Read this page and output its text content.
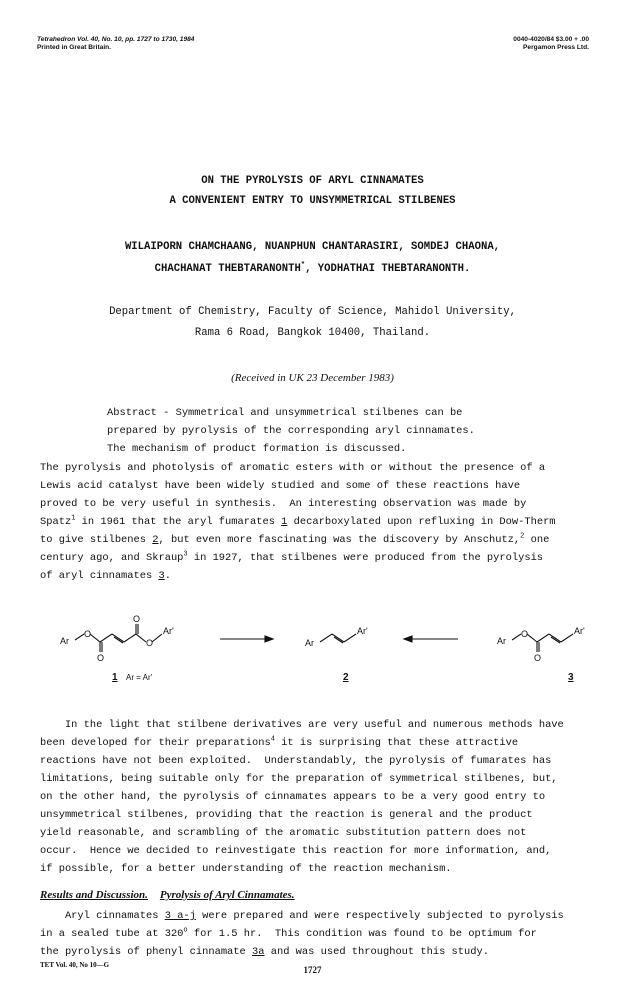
Tetrahedron Vol. 40, No. 10, pp. 1727 to 1730, 1984
Printed in Great Britain.
0040-4020/84 $3.00 + .00
Pergamon Press Ltd.
ON THE PYROLYSIS OF ARYL CINNAMATES
A CONVENIENT ENTRY TO UNSYMMETRICAL STILBENES
WILAIPORN CHAMCHAANG, NUANPHUN CHANTARASIRI, SOMDEJ CHAONA,
CHACHANAT THEBTARANONTH*, YODHATHAI THEBTARANONTH.
Department of Chemistry, Faculty of Science, Mahidol University,
Rama 6 Road, Bangkok 10400, Thailand.
(Received in UK 23 December 1983)
Abstract - Symmetrical and unsymmetrical stilbenes can be
prepared by pyrolysis of the corresponding aryl cinnamates.
The mechanism of product formation is discussed.
The pyrolysis and photolysis of aromatic esters with or without the presence of a
Lewis acid catalyst have been widely studied and some of these reactions have
proved to be very useful in synthesis.  An interesting observation was made by
Spatz$^1$ in 1961 that the aryl fumarates 1 decarboxylated upon refluxing in Dow-Therm
to give stilbenes 2, but even more fascinating was the discovery by Anschutz,$^2$ one
century ago, and Skraup$^3$ in 1927, that stilbenes were produced from the pyrolysis
of aryl cinnamates 3.
Ar
O
O
O
O
Ar'
Ar
Ar'
Ar
O
O
Ar'
1	2	3
Ar = Ar'
In the light that stilbene derivatives are very useful and numerous methods have
been developed for their preparations$^4$ it is surprising that these attractive
reactions have not been exploited.  Understandably, the pyrolysis of fumarates has
limitations, being suitable only for the preparation of symmetrical stilbenes, but,
on the other hand, the pyrolysis of cinnamates appears to be a very good entry to
unsymmetrical stilbenes, providing that the reaction is general and the product
yield reasonable, and scrambling of the aromatic substitution pattern does not
occur.  Hence we decided to reinvestigate this reaction for more information, and,
if possible, for a better understanding of the reaction mechanism.
Results and Discussion. Pyrolysis of Aryl Cinnamates.
Aryl cinnamates 3 a-j were prepared and were respectively subjected to pyrolysis
in a sealed tube at 320$^o$ for 1.5 hr.  This condition was found to be optimum for
the pyrolysis of phenyl cinnamate 3a and was used throughout this study.
TET Vol. 40, No 10—G	1727
